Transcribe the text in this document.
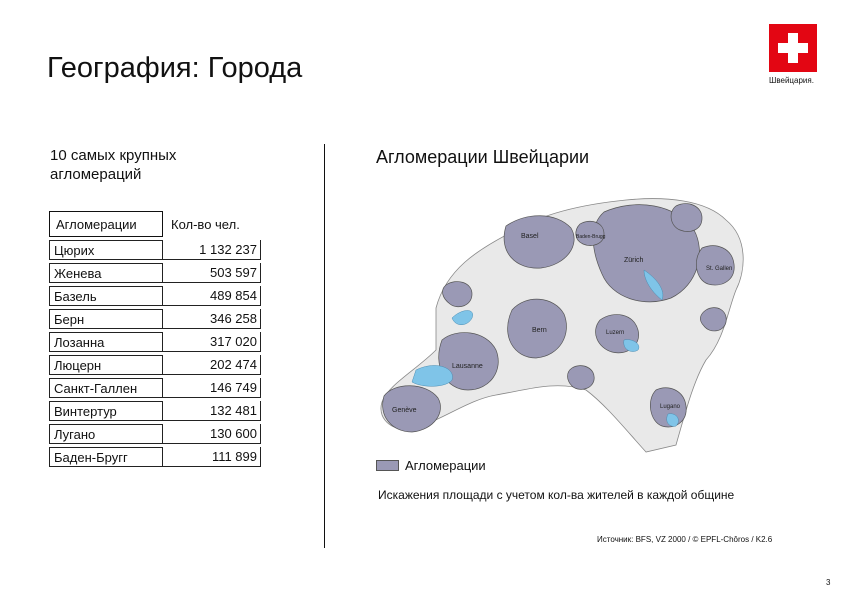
География: Города	Швейцария.
10 самых крупных агломераций
Агломерации	Кол-во чел.
Цюрих	1 132 237
Женева	503 597
Базель	489 854
Берн	346 258
Лозанна	317 020
Люцерн	202 474
Санкт-Галлен	146 749
Винтертур	132 481
Лугано	130 600
Баден-Бругг	111 899
Агломерации Швейцарии
Basel
Zürich
Baden-Brugg
St. Gallen
Bern	Luzern
Lausanne
Genève	Lugano
Агломерации
Искажения площади с учетом кол-ва жителей в каждой общине
Источник: BFS, VZ 2000 / © EPFL-Chôros / K2.6
3
